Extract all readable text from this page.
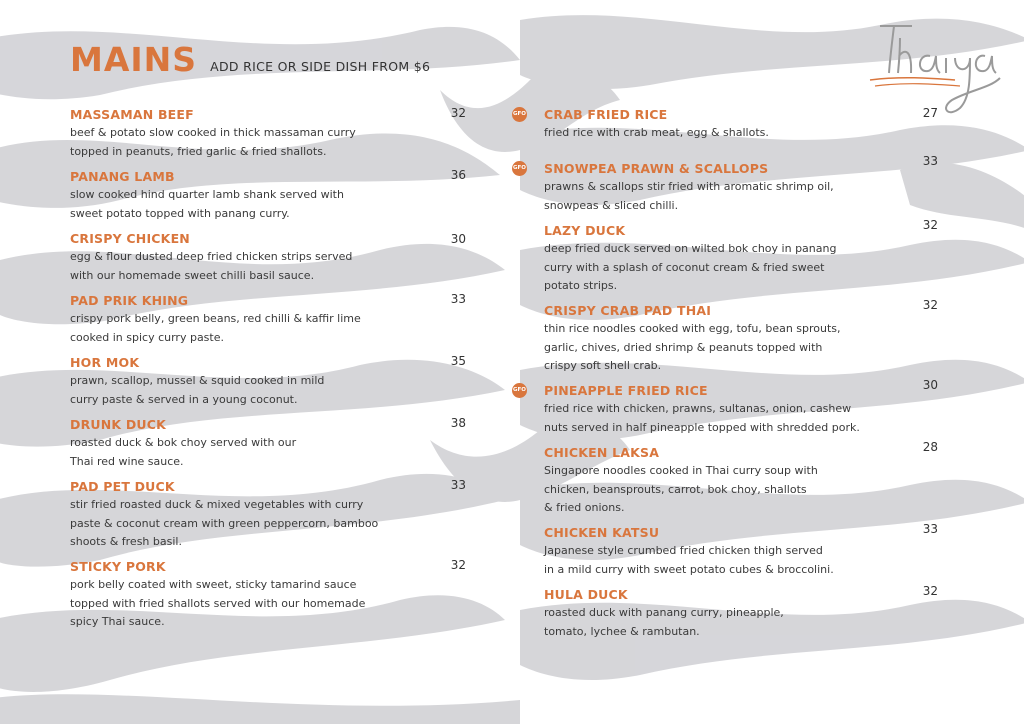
MAINS ADD RICE OR SIDE DISH FROM $6
MASSAMAN BEEF	32
beef & potato slow cooked in thick massaman curry
topped in peanuts, fried garlic & fried shallots.
PANANG LAMB	36
slow cooked hind quarter lamb shank served with
sweet potato topped with panang curry.
CRISPY CHICKEN	30
egg & flour dusted deep fried chicken strips served
with our homemade sweet chilli basil sauce.
PAD PRIK KHING	33
crispy pork belly, green beans, red chilli & kaffir lime
cooked in spicy curry paste.
HOR MOK	35
prawn, scallop, mussel & squid cooked in mild
curry paste & served in a young coconut.
DRUNK DUCK	38
roasted duck & bok choy served with our
Thai red wine sauce.
PAD PET DUCK	33
stir fried roasted duck & mixed vegetables with curry
paste & coconut cream with green peppercorn, bamboo
shoots & fresh basil.
STICKY PORK	32
pork belly coated with sweet, sticky tamarind sauce
topped with fried shallots served with our homemade
spicy Thai sauce.
GFO CRAB FRIED RICE	27
fried rice with crab meat, egg & shallots.
GFO SNOWPEA PRAWN & SCALLOPS	33
prawns & scallops stir fried with aromatic shrimp oil,
snowpeas & sliced chilli.
LAZY DUCK	32
deep fried duck served on wilted bok choy in panang
curry with a splash of coconut cream & fried sweet
potato strips.
CRISPY CRAB PAD THAI	32
thin rice noodles cooked with egg, tofu, bean sprouts,
garlic, chives, dried shrimp & peanuts topped with
crispy soft shell crab.
GFO PINEAPPLE FRIED RICE	30
fried rice with chicken, prawns, sultanas, onion, cashew
nuts served in half pineapple topped with shredded pork.
CHICKEN LAKSA	28
Singapore noodles cooked in Thai curry soup with
chicken, beansprouts, carrot, bok choy, shallots
& fried onions.
CHICKEN KATSU	33
Japanese style crumbed fried chicken thigh served
in a mild curry with sweet potato cubes & broccolini.
HULA DUCK	32
roasted duck with panang curry, pineapple,
tomato, lychee & rambutan.
